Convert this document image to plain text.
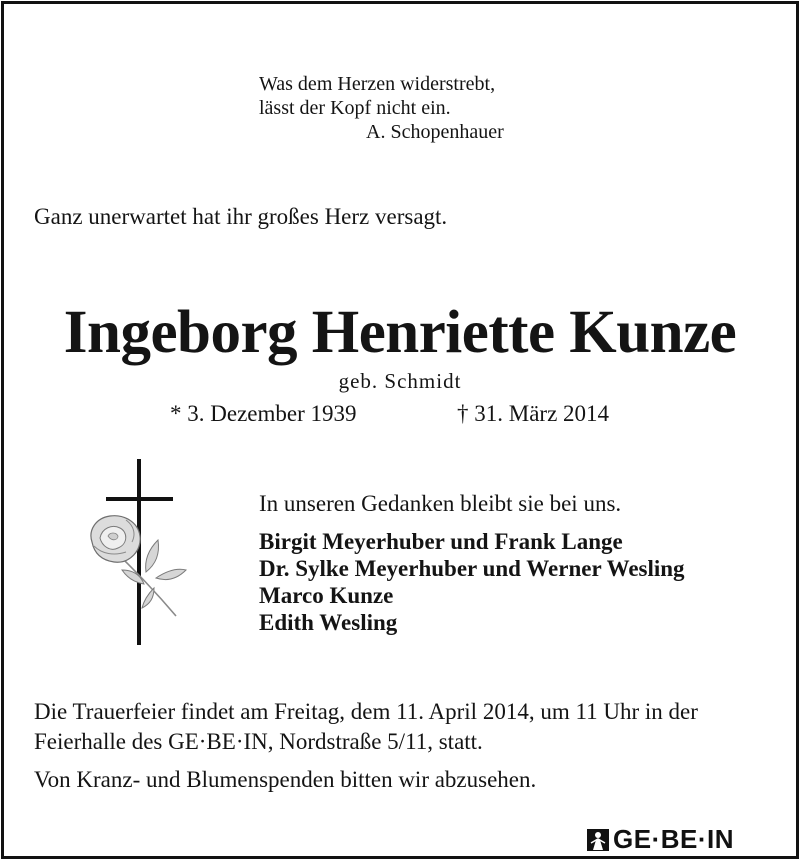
Was dem Herzen widerstrebt,
lässt der Kopf nicht ein.
A. Schopenhauer
Ganz unerwartet hat ihr großes Herz versagt.
Ingeborg Henriette Kunze
geb. Schmidt
* 3. Dezember 1939	† 31. März 2014
In unseren Gedanken bleibt sie bei uns.
Birgit Meyerhuber und Frank Lange
Dr. Sylke Meyerhuber und Werner Wesling
Marco Kunze
Edith Wesling

Die Trauerfeier findet am Freitag, dem 11. April 2014, um 11 Uhr in der Feierhalle des GE·BE·IN, Nordstraße 5/11, statt.

Von Kranz- und Blumenspenden bitten wir abzusehen.

GE·BE·IN
